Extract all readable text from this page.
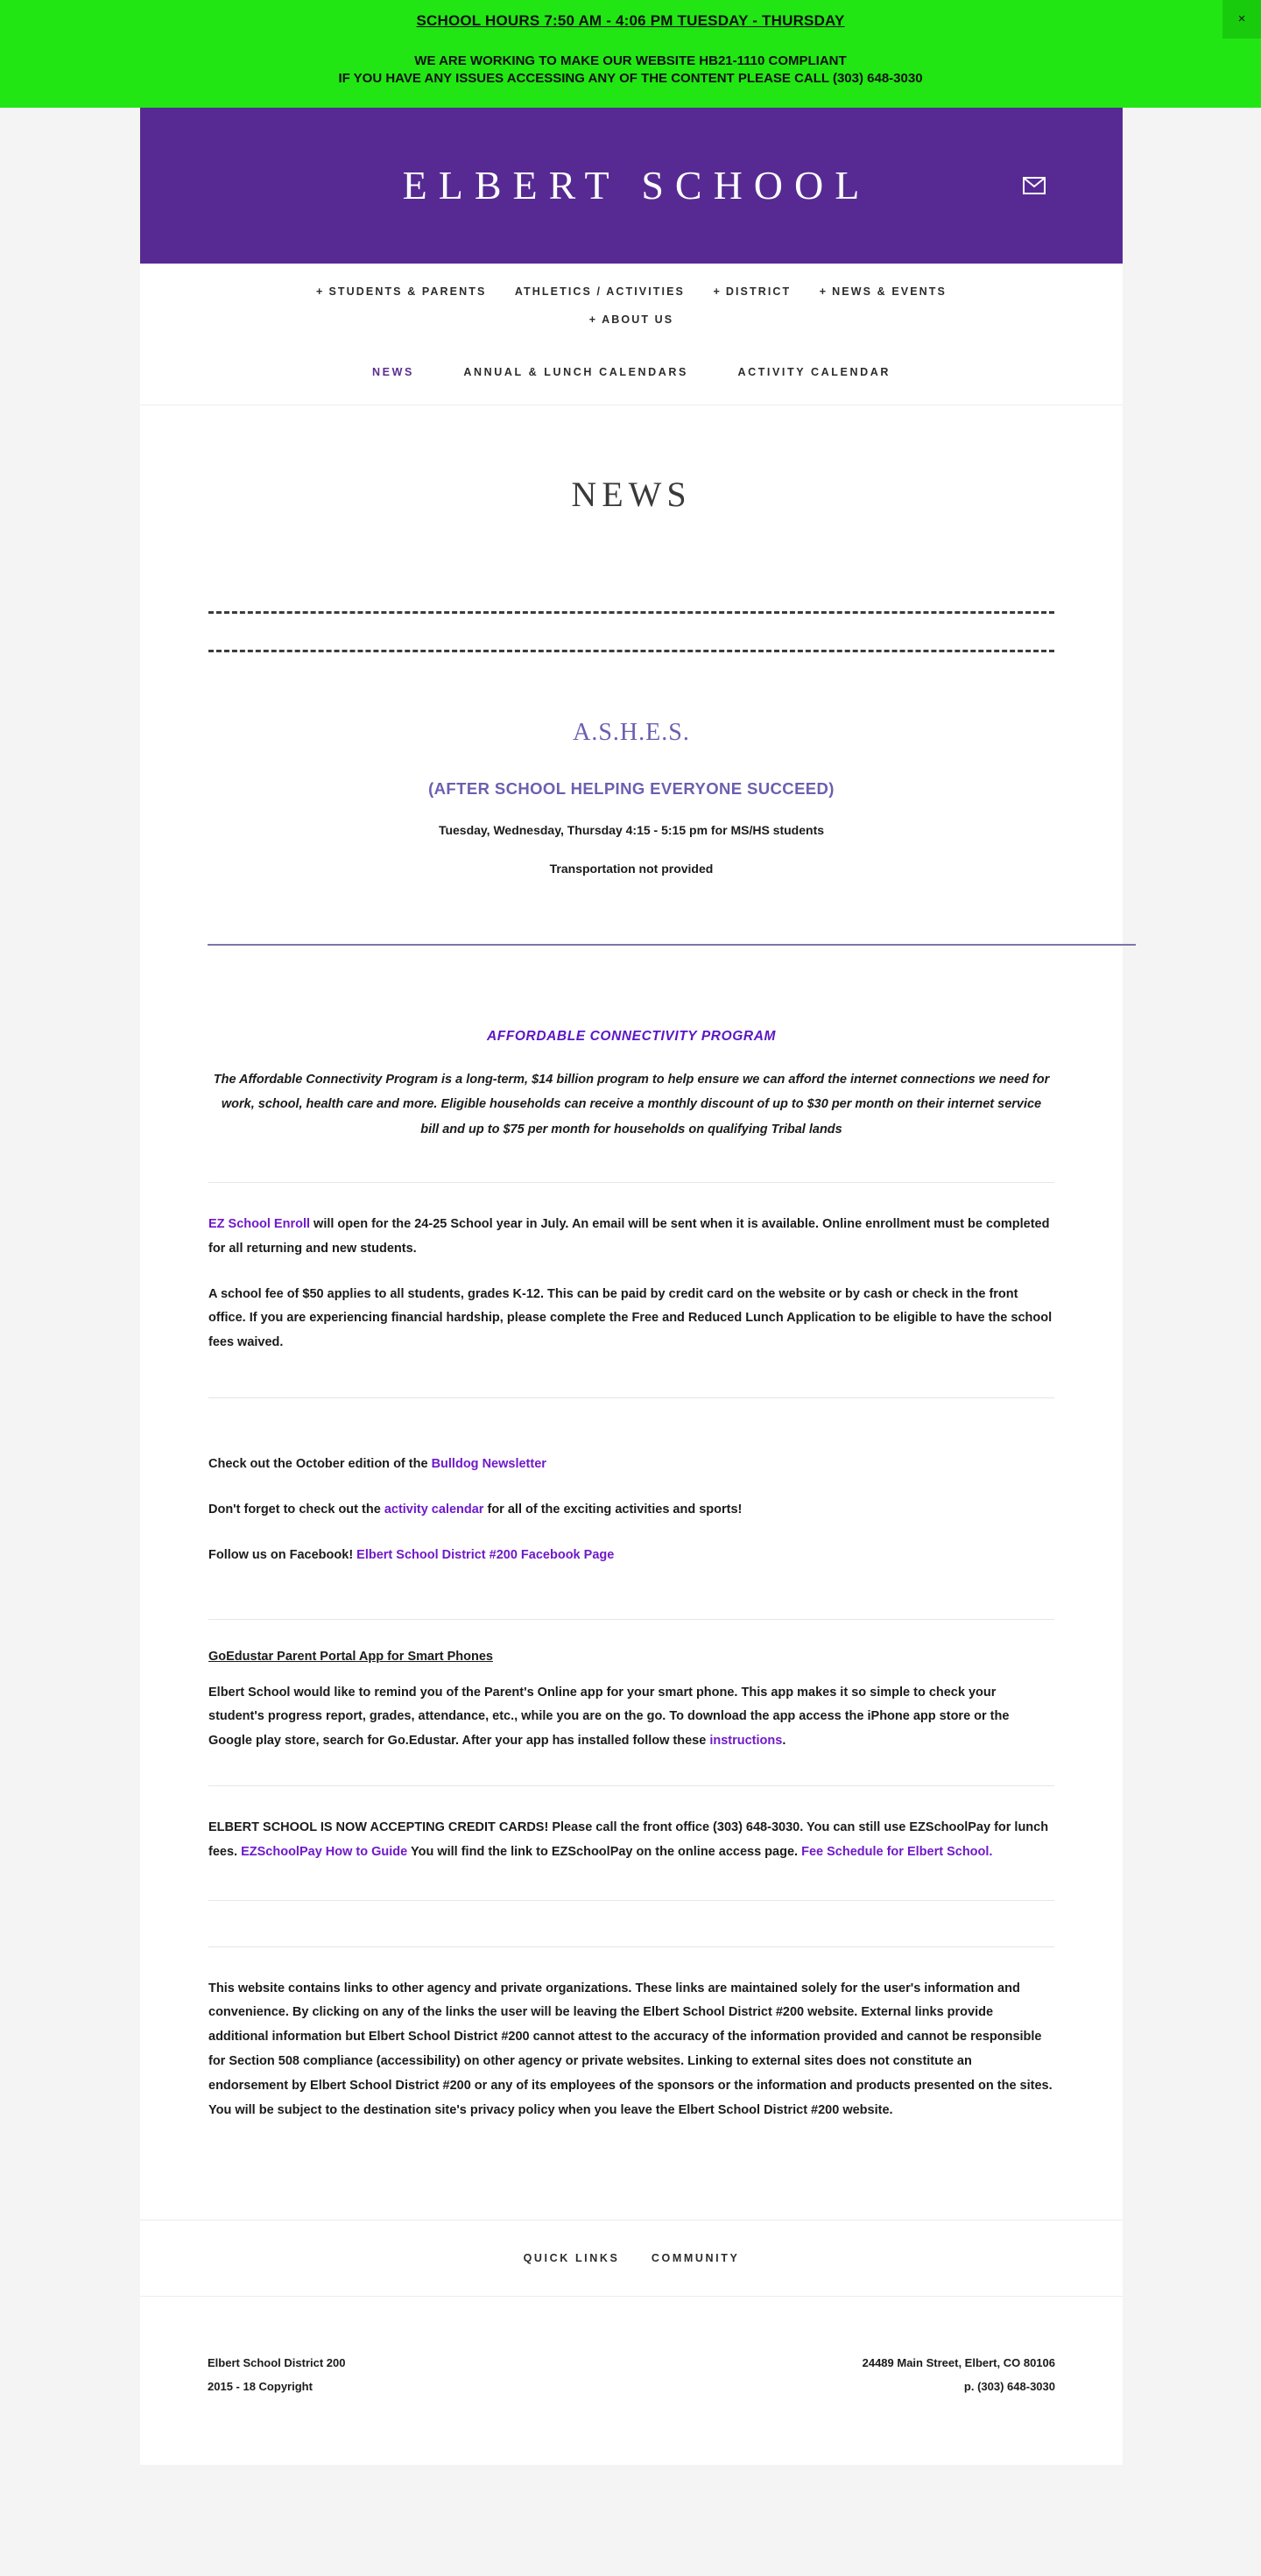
SCHOOL HOURS 7:50 AM - 4:06 PM TUESDAY - THURSDAY
WE ARE WORKING TO MAKE OUR WEBSITE HB21-1110 COMPLIANT
IF YOU HAVE ANY ISSUES ACCESSING ANY OF THE CONTENT PLEASE CALL (303) 648-3030
×
ELBERT SCHOOL
+ STUDENTS & PARENTS	ATHLETICS / ACTIVITIES	+ DISTRICT	+ NEWS & EVENTS
+ ABOUT US
NEWS	ANNUAL & LUNCH CALENDARS	ACTIVITY CALENDAR
NEWS
A.S.H.E.S.

(AFTER SCHOOL HELPING EVERYONE SUCCEED)

Tuesday, Wednesday, Thursday 4:15 - 5:15 pm for MS/HS students

Transportation not provided

AFFORDABLE CONNECTIVITY PROGRAM

The Affordable Connectivity Program is a long-term, $14 billion program to help ensure we can afford the internet connections we need for work, school, health care and more. Eligible households can receive a monthly discount of up to $30 per month on their internet service bill and up to $75 per month for households on qualifying Tribal lands

EZ School Enroll will open for the 24-25 School year in July. An email will be sent when it is available. Online enrollment must be completed for all returning and new students.

A school fee of $50 applies to all students, grades K-12. This can be paid by credit card on the website or by cash or check in the front office. If you are experiencing financial hardship, please complete the Free and Reduced Lunch Application to be eligible to have the school fees waived.

Check out the October edition of the Bulldog Newsletter

Don't forget to check out the activity calendar for all of the exciting activities and sports!

Follow us on Facebook! Elbert School District #200 Facebook Page

GoEdustar Parent Portal App for Smart Phones

Elbert School would like to remind you of the Parent's Online app for your smart phone. This app makes it so simple to check your student's progress report, grades, attendance, etc., while you are on the go. To download the app access the iPhone app store or the Google play store, search for Go.Edustar. After your app has installed follow these instructions.

ELBERT SCHOOL IS NOW ACCEPTING CREDIT CARDS! Please call the front office (303) 648-3030. You can still use EZSchoolPay for lunch fees. EZSchoolPay How to Guide You will find the link to EZSchoolPay on the online access page. Fee Schedule for Elbert School.

This website contains links to other agency and private organizations. These links are maintained solely for the user's information and convenience. By clicking on any of the links the user will be leaving the Elbert School District #200 website. External links provide additional information but Elbert School District #200 cannot attest to the accuracy of the information provided and cannot be responsible for Section 508 compliance (accessibility) on other agency or private websites. Linking to external sites does not constitute an endorsement by Elbert School District #200 or any of its employees of the sponsors or the information and products presented on the sites. You will be subject to the destination site's privacy policy when you leave the Elbert School District #200 website.

QUICK LINKS	COMMUNITY
Elbert School District 200
2015 - 18 Copyright
24489 Main Street, Elbert, CO 80106
p. (303) 648-3030
